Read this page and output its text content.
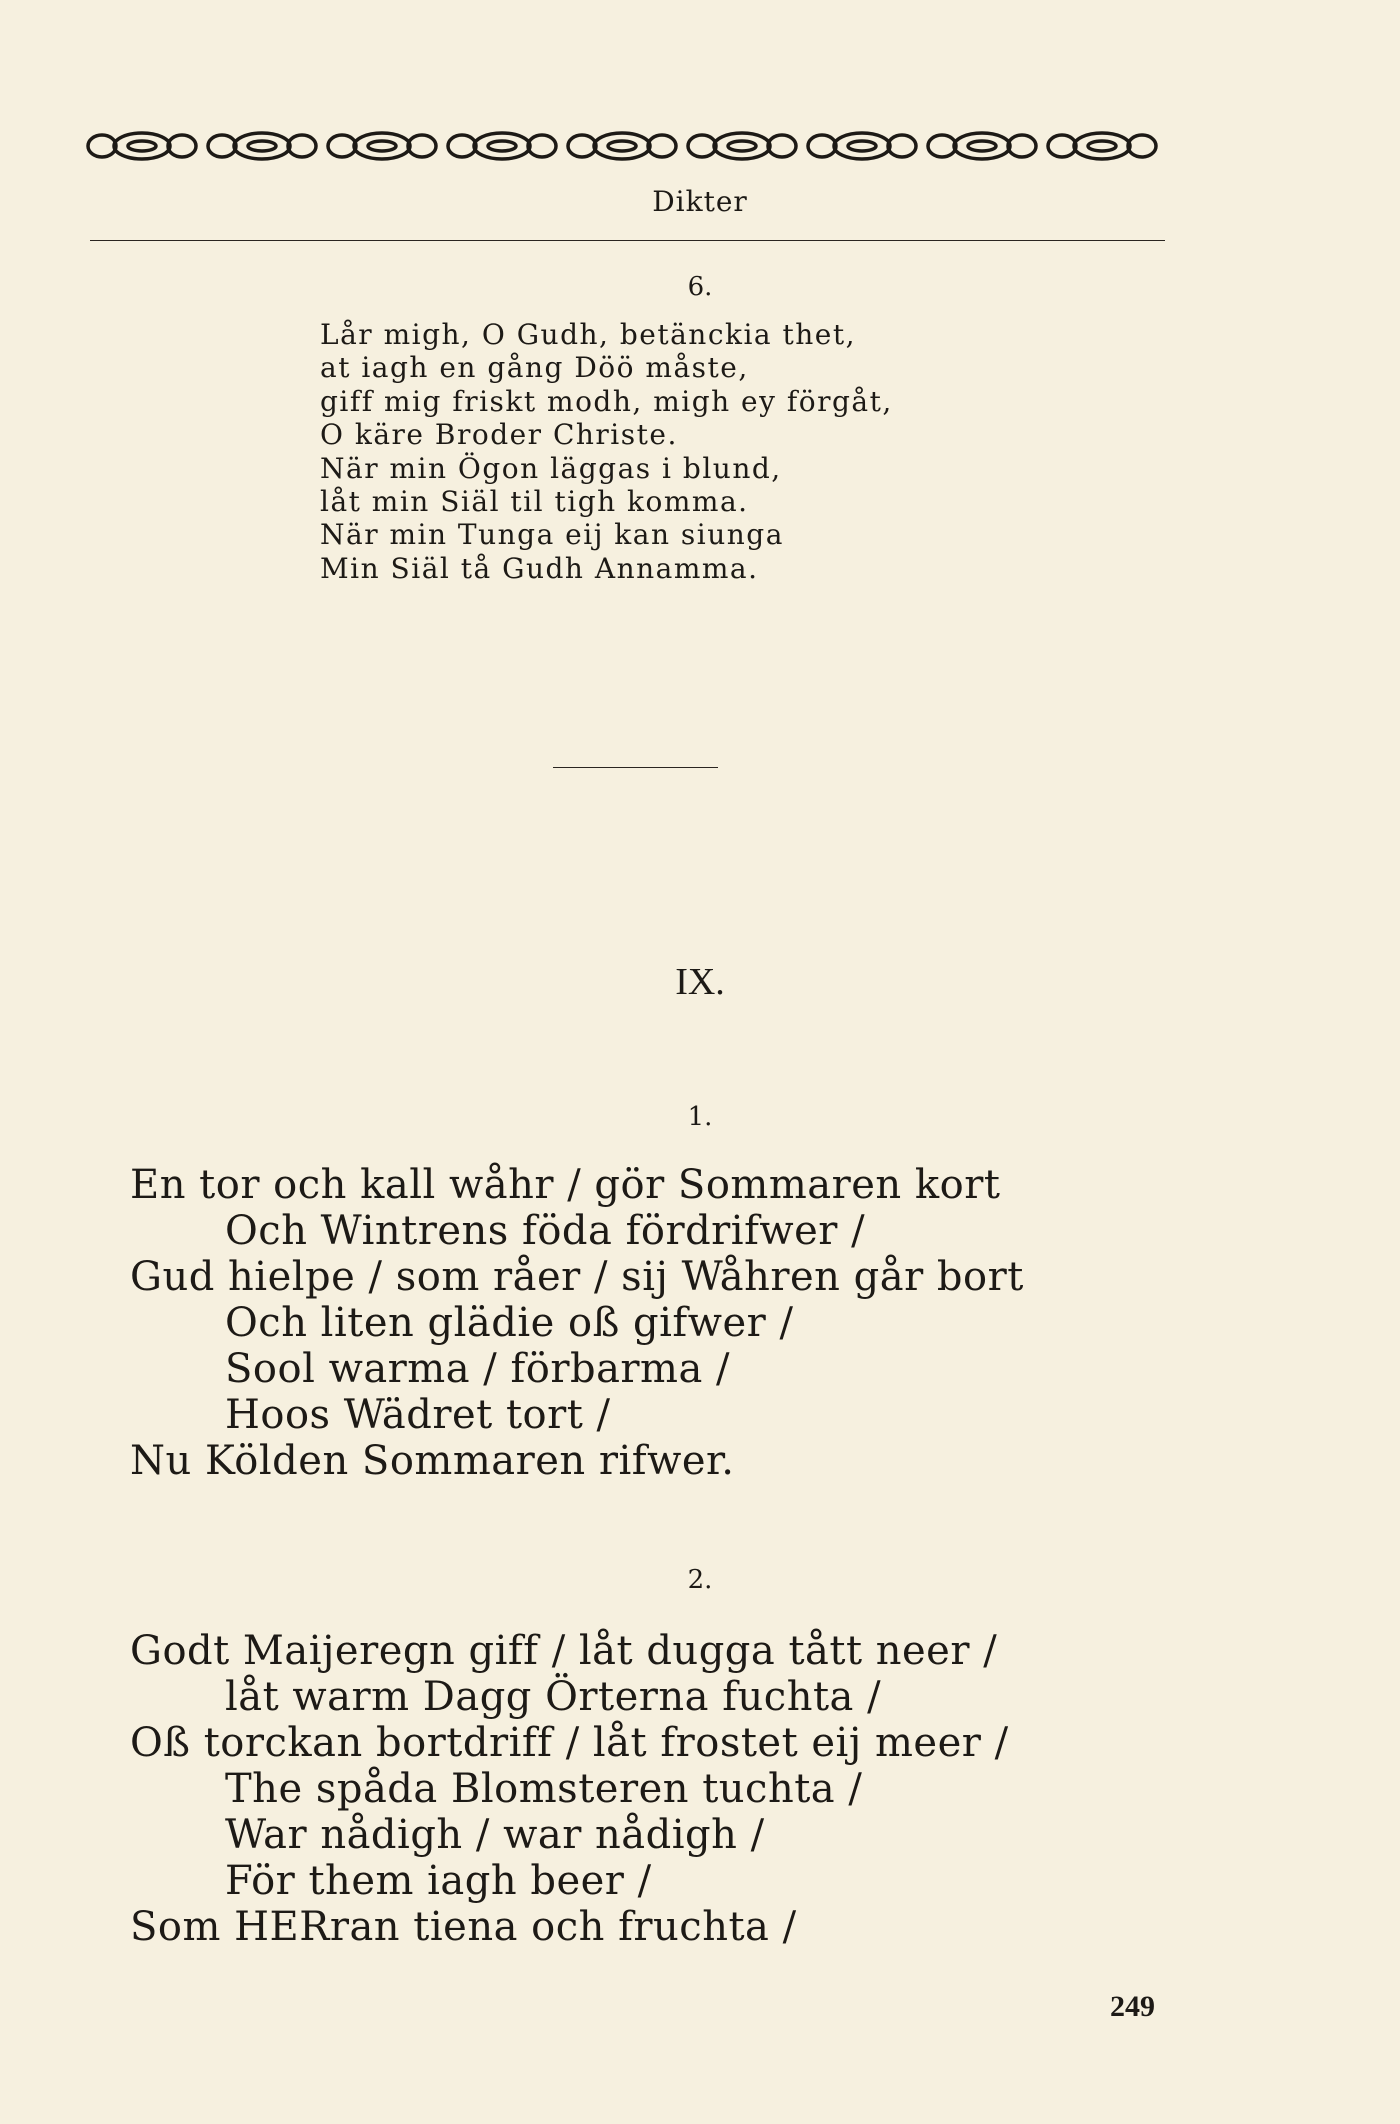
Dikter
6.
Lår migh, O Gudh, betänckia thet,
at iagh en gång Döö måste,
giff mig friskt modh, migh ey förgåt,
O käre Broder Christe.
När min Ögon läggas i blund,
låt min Siäl til tigh komma.
När min Tunga eij kan siunga
Min Siäl tå Gudh Annamma.
IX.
1.
En tor och kall wåhr / gör Sommaren kort
Och Wintrens föda fördrifwer /
Gud hielpe / som råer / sij Wåhren går bort
Och liten glädie oß gifwer /
Sool warma / förbarma /
Hoos Wädret tort /
Nu Kölden Sommaren rifwer.
2.
Godt Maijeregn giff / låt dugga tått neer /
låt warm Dagg Örterna fuchta /
Oß torckan bortdriff / låt frostet eij meer /
The spåda Blomsteren tuchta /
War nådigh / war nådigh /
För them iagh beer /
Som HERran tiena och fruchta /
249
